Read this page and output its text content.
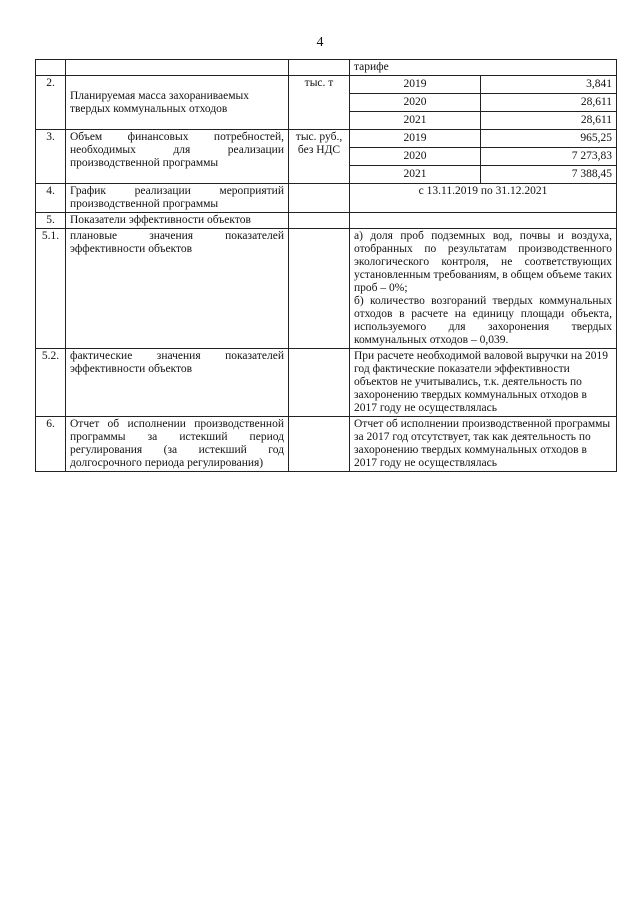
4
			тарифе	
2.	Планируемая масса захораниваемых твердых коммунальных отходов	тыс. т	2019	3,841
			2020	28,611
			2021	28,611
3.	Объем финансовых потребностей, необходимых для реализации производственной программы	тыс. руб., без НДС	2019	965,25
			2020	7 273,83
			2021	7 388,45
4.	График реализации мероприятий производственной программы		с 13.11.2019 по 31.12.2021	
5.	Показатели эффективности объектов			
5.1.	плановые значения показателей эффективности объектов		а) доля проб подземных вод, почвы и воздуха, отобранных по результатам производственного экологического контроля, не соответствующих установленным требованиям, в общем объеме таких проб – 0%;
б) количество возгораний твердых коммунальных отходов в расчете на единицу площади объекта, используемого для захоронения твердых коммунальных отходов – 0,039.	
5.2.	фактические значения показателей эффективности объектов		При расчете необходимой валовой выручки на 2019 год фактические показатели эффективности объектов не учитывались, т.к. деятельность по захоронению твердых коммунальных отходов в 2017 году не осуществлялась	
6.	Отчет об исполнении производственной программы за истекший период регулирования (за истекший год долгосрочного периода регулирования)		Отчет об исполнении производственной программы за 2017 год отсутствует, так как деятельность по захоронению твердых коммунальных отходов в 2017 году не осуществлялась	
